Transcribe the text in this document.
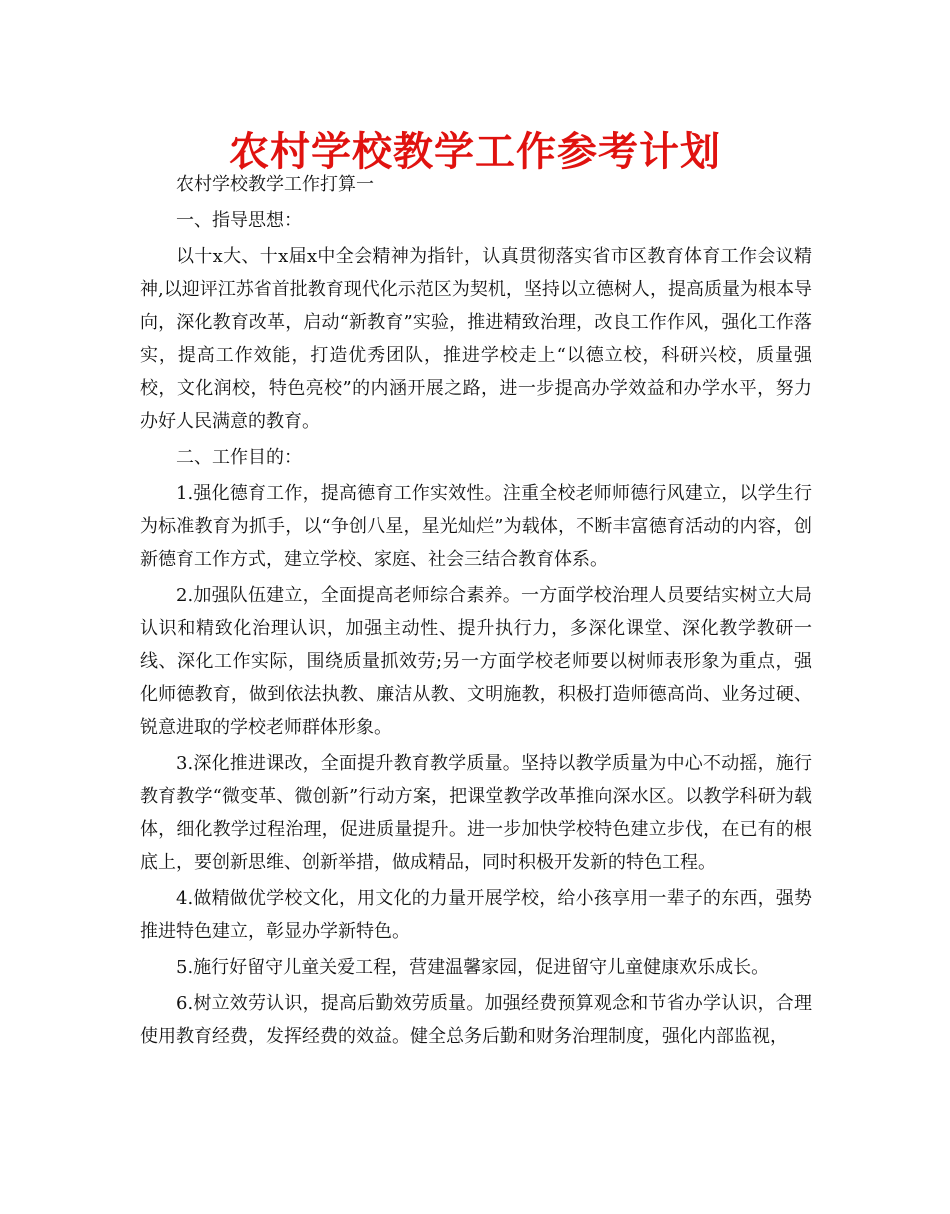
农村学校教学工作参考计划

农村学校教学工作打算一

一、指导思想：

以十x大、十x届x中全会精神为指针，认真贯彻落实省市区教育体育工作会议精神,以迎评江苏省首批教育现代化示范区为契机，坚持以立德树人，提高质量为根本导向，深化教育改革，启动“新教育”实验，推进精致治理，改良工作作风，强化工作落实，提高工作效能，打造优秀团队，推进学校走上“以德立校，科研兴校，质量强校，文化润校，特色亮校”的内涵开展之路，进一步提高办学效益和办学水平，努力办好人民满意的教育。

二、工作目的：

1.强化德育工作，提高德育工作实效性。注重全校老师师德行风建立，以学生行为标准教育为抓手，以“争创八星，星光灿烂”为载体，不断丰富德育活动的内容，创新德育工作方式，建立学校、家庭、社会三结合教育体系。

2.加强队伍建立，全面提高老师综合素养。一方面学校治理人员要结实树立大局认识和精致化治理认识，加强主动性、提升执行力，多深化课堂、深化教学教研一线、深化工作实际，围绕质量抓效劳;另一方面学校老师要以树师表形象为重点，强化师德教育，做到依法执教、廉洁从教、文明施教，积极打造师德高尚、业务过硬、锐意进取的学校老师群体形象。

3.深化推进课改，全面提升教育教学质量。坚持以教学质量为中心不动摇，施行教育教学“微变革、微创新”行动方案，把课堂教学改革推向深水区。以教学科研为载体，细化教学过程治理，促进质量提升。进一步加快学校特色建立步伐，在已有的根底上，要创新思维、创新举措，做成精品，同时积极开发新的特色工程。

4.做精做优学校文化，用文化的力量开展学校，给小孩享用一辈子的东西，强势推进特色建立，彰显办学新特色。

5.施行好留守儿童关爱工程，营建温馨家园，促进留守儿童健康欢乐成长。

6.树立效劳认识，提高后勤效劳质量。加强经费预算观念和节省办学认识，合理使用教育经费，发挥经费的效益。健全总务后勤和财务治理制度，强化内部监视，
